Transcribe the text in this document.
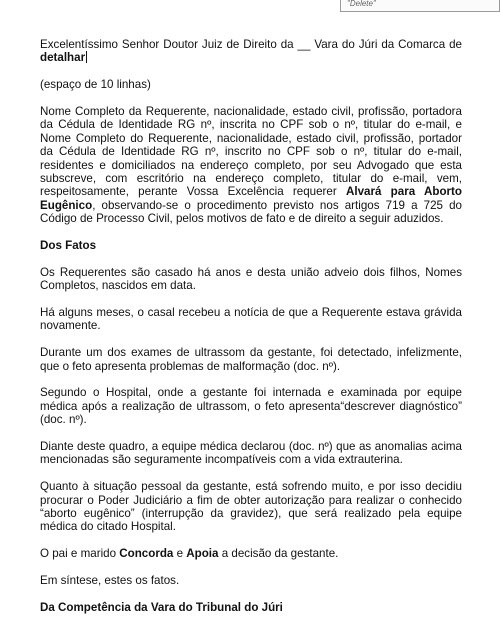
"Delete"

Excelentíssimo Senhor Doutor Juiz de Direito da __ Vara do Júri da Comarca de detalhar

(espaço de 10 linhas)

Nome Completo da Requerente, nacionalidade, estado civil, profissão, portadora da Cédula de Identidade RG nº, inscrita no CPF sob o nº, titular do e-mail, e Nome Completo do Requerente, nacionalidade, estado civil, profissão, portador da Cédula de Identidade RG nº, inscrito no CPF sob o nº, titular do e-mail, residentes e domiciliados na endereço completo, por seu Advogado que esta subscreve, com escritório na endereço completo, titular do e-mail, vem, respeitosamente, perante Vossa Excelência requerer Alvará para Aborto Eugênico, observando-se o procedimento previsto nos artigos 719 a 725 do Código de Processo Civil, pelos motivos de fato e de direito a seguir aduzidos.

Dos Fatos

Os Requerentes são casado há anos e desta união adveio dois filhos, Nomes Completos, nascidos em data.

Há alguns meses, o casal recebeu a notícia de que a Requerente estava grávida novamente.

Durante um dos exames de ultrassom da gestante, foi detectado, infelizmente, que o feto apresenta problemas de malformação (doc. nº).

Segundo o Hospital, onde a gestante foi internada e examinada por equipe médica após a realização de ultrassom, o feto apresenta“descrever diagnóstico” (doc. nº).

Diante deste quadro, a equipe médica declarou (doc. nº) que as anomalias acima mencionadas são seguramente incompatíveis com a vida extrauterina.

Quanto à situação pessoal da gestante, está sofrendo muito, e por isso decidiu procurar o Poder Judiciário a fim de obter autorização para realizar o conhecido “aborto eugênico” (interrupção da gravidez), que será realizado pela equipe médica do citado Hospital.

O pai e marido Concorda e Apoia a decisão da gestante.

Em síntese, estes os fatos.

Da Competência da Vara do Tribunal do Júri
